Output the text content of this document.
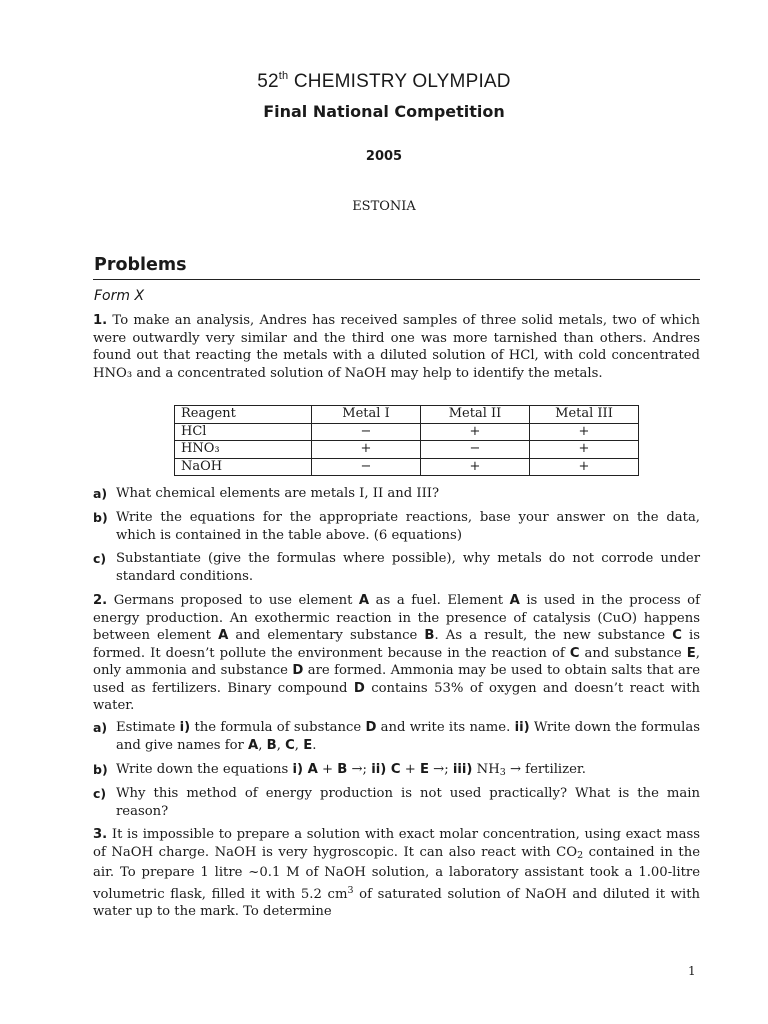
52th CHEMISTRY OLYMPIAD
Final National Competition
2005
ESTONIA
Problems
Form X
1. To make an analysis, Andres has received samples of three solid metals, two of which were outwardly very similar and the third one was more tarnished than others. Andres found out that reacting the metals with a diluted solution of HCl, with cold concentrated HNO₃ and a concentrated solution of NaOH may help to identify the metals.
Reagent	Metal I	Metal II	Metal III
HCl	−	+	+
HNO₃	+	−	+
NaOH	−	+	+
a) What chemical elements are metals I, II and III?
b) Write the equations for the appropriate reactions, base your answer on the data, which is contained in the table above. (6 equations)
c) Substantiate (give the formulas where possible), why metals do not corrode under standard conditions.
2. Germans proposed to use element A as a fuel. Element A is used in the process of energy production. An exothermic reaction in the presence of catalysis (CuO) happens between element A and elementary substance B. As a result, the new substance C is formed. It doesn’t pollute the environment because in the reaction of C and substance E, only ammonia and substance D are formed. Ammonia may be used to obtain salts that are used as fertilizers. Binary compound D contains 53% of oxygen and doesn’t react with water.
a) Estimate i) the formula of substance D and write its name. ii) Write down the formulas and give names for A, B, C, E.
b) Write down the equations i) A + B →; ii) C + E →; iii) $NH_3$ → fertilizer.
c) Why this method of energy production is not used practically? What is the main reason?
3. It is impossible to prepare a solution with exact molar concentration, using exact mass of NaOH charge. NaOH is very hygroscopic. It can also react with $CO_2$ contained in the air. To prepare 1 litre ~0.1 M of NaOH solution, a laboratory assistant took a 1.00-litre volumetric flask, filled it with 5.2 $cm^3$ of saturated solution of NaOH and diluted it with water up to the mark. To determine
1
